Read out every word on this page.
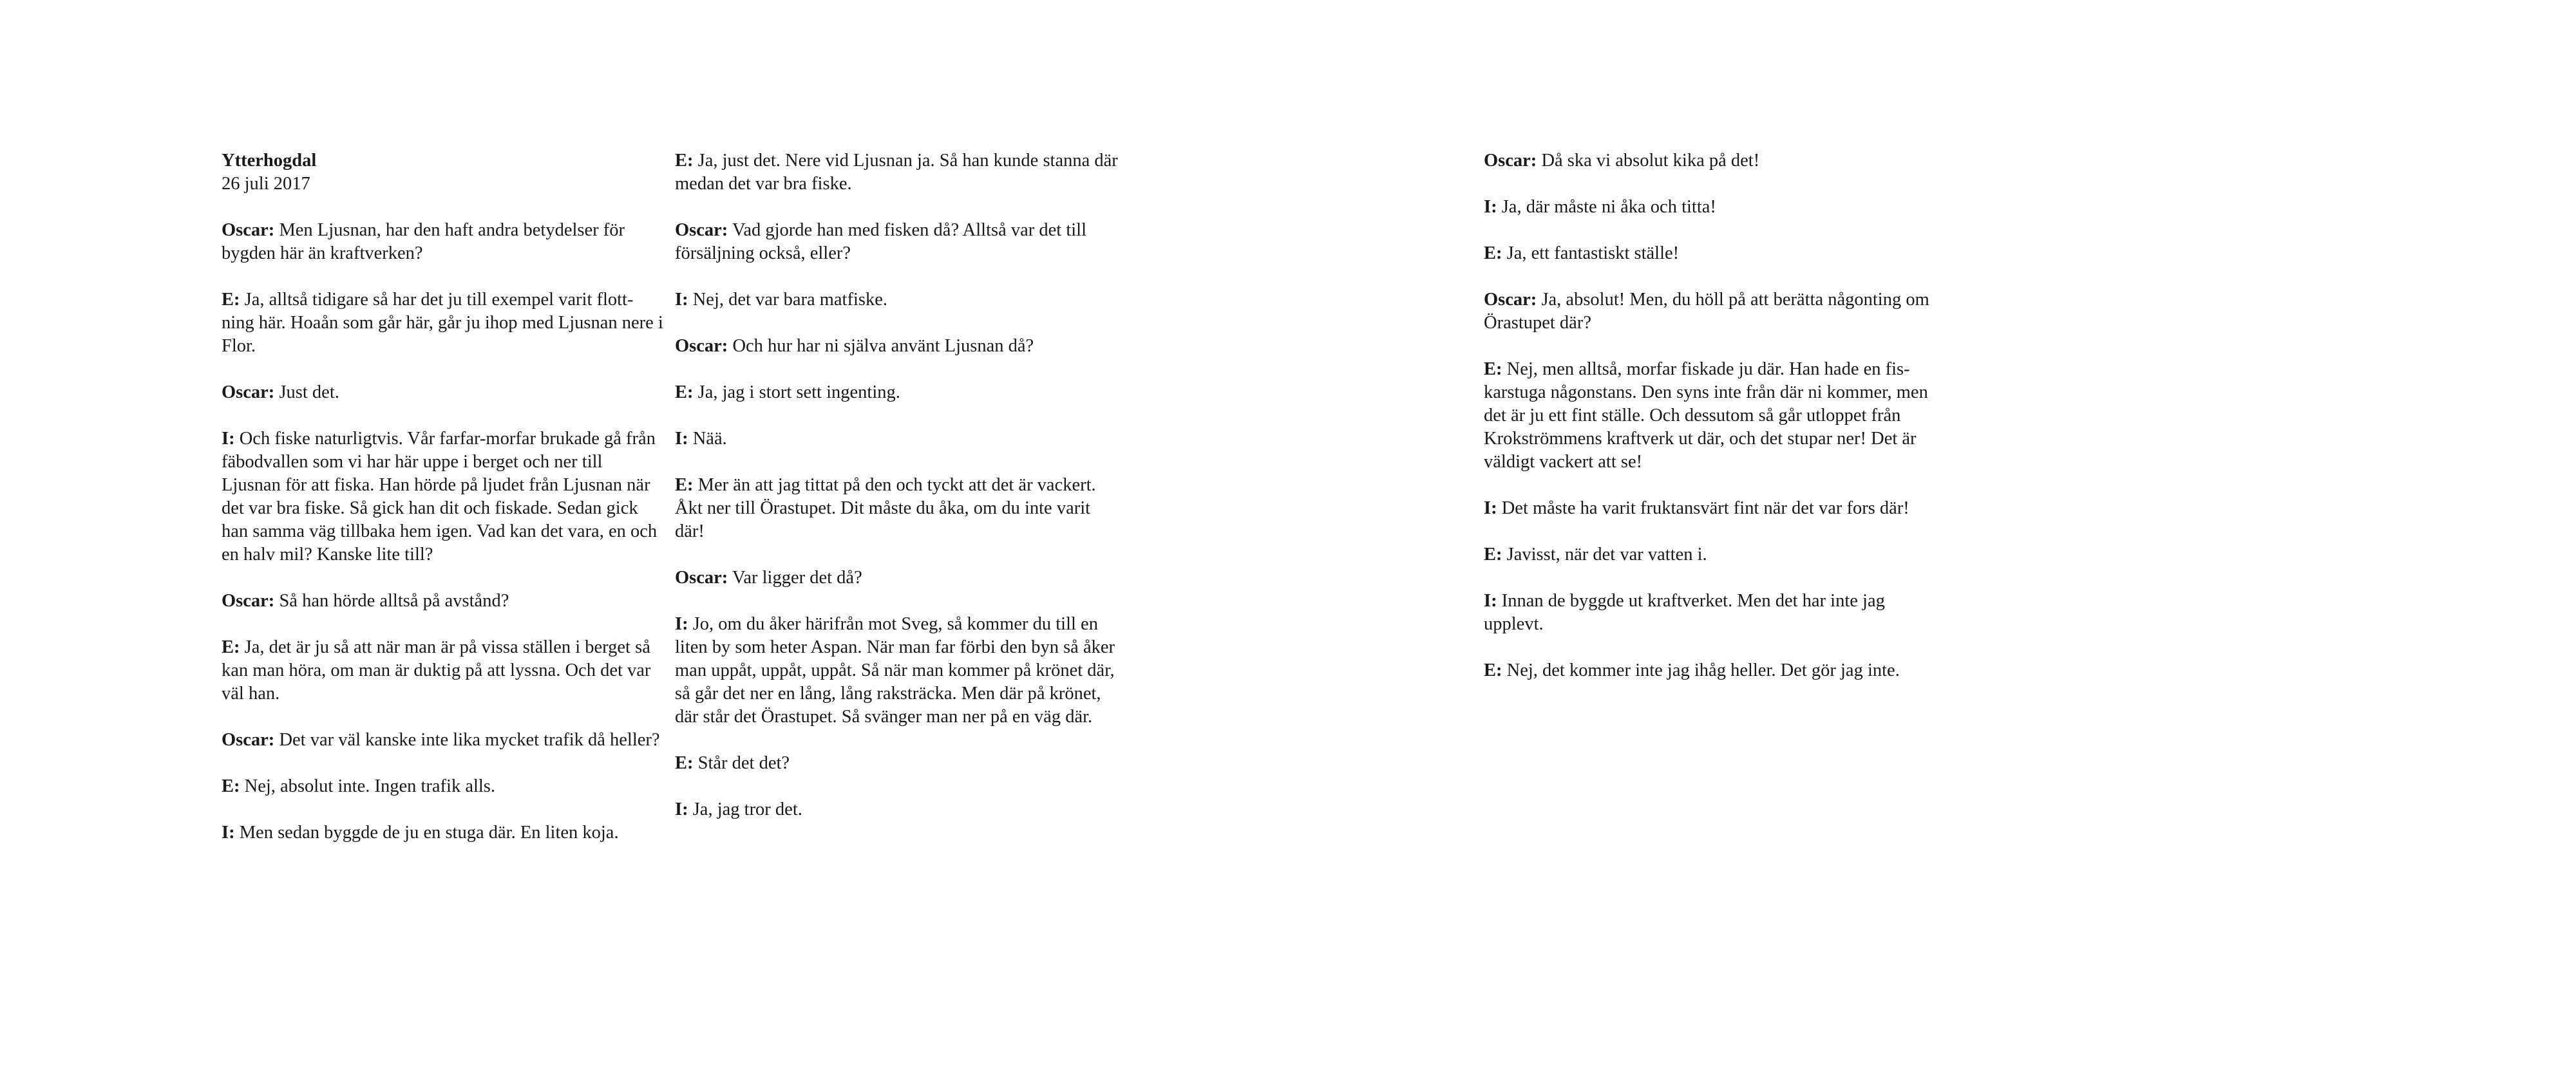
Ytterhogdal

26 juli 2017

Oscar: Men Ljusnan, har den haft andra betydelser för bygden här än kraftverken?

E: Ja, alltså tidigare så har det ju till exempel varit flott-ning här. Hoaån som går här, går ju ihop med Ljusnan nere i Flor.

Oscar: Just det.

I: Och fiske naturligtvis. Vår farfar-morfar brukade gå från fäbodvallen som vi har här uppe i berget och ner till Ljusnan för att fiska. Han hörde på ljudet från Ljusnan när det var bra fiske. Så gick han dit och fiskade. Sedan gick han samma väg tillbaka hem igen. Vad kan det vara, en och en halv mil? Kanske lite till?

Oscar: Så han hörde alltså på avstånd?

E: Ja, det är ju så att när man är på vissa ställen i berget så kan man höra, om man är duktig på att lyssna. Och det var väl han.

Oscar: Det var väl kanske inte lika mycket trafik då heller?

E: Nej, absolut inte. Ingen trafik alls.

I: Men sedan byggde de ju en stuga där. En liten koja.

E: Ja, just det. Nere vid Ljusnan ja. Så han kunde stanna där medan det var bra fiske.

Oscar: Vad gjorde han med fisken då? Alltså var det till försäljning också, eller?

I: Nej, det var bara matfiske.

Oscar: Och hur har ni själva använt Ljusnan då?

E: Ja, jag i stort sett ingenting.

I: Nää.

E: Mer än att jag tittat på den och tyckt att det är vackert. Åkt ner till Örastupet. Dit måste du åka, om du inte varit där!

Oscar: Var ligger det då?

I: Jo, om du åker härifrån mot Sveg, så kommer du till en liten by som heter Aspan. När man far förbi den byn så åker man uppåt, uppåt, uppåt. Så när man kommer på krönet där, så går det ner en lång, lång raksträcka. Men där på krönet, där står det Örastupet. Så svänger man ner på en väg där.

E: Står det det?

I: Ja, jag tror det.

Oscar: Då ska vi absolut kika på det!

I: Ja, där måste ni åka och titta!

E: Ja, ett fantastiskt ställe!

Oscar: Ja, absolut! Men, du höll på att berätta någonting om Örastupet där?

E: Nej, men alltså, morfar fiskade ju där. Han hade en fis-karstuga någonstans. Den syns inte från där ni kommer, men det är ju ett fint ställe. Och dessutom så går utloppet från Krokströmmens kraftverk ut där, och det stupar ner! Det är väldigt vackert att se!

I: Det måste ha varit fruktansvärt fint när det var fors där!

E: Javisst, när det var vatten i.

I: Innan de byggde ut kraftverket. Men det har inte jag upplevt.

E: Nej, det kommer inte jag ihåg heller. Det gör jag inte.
